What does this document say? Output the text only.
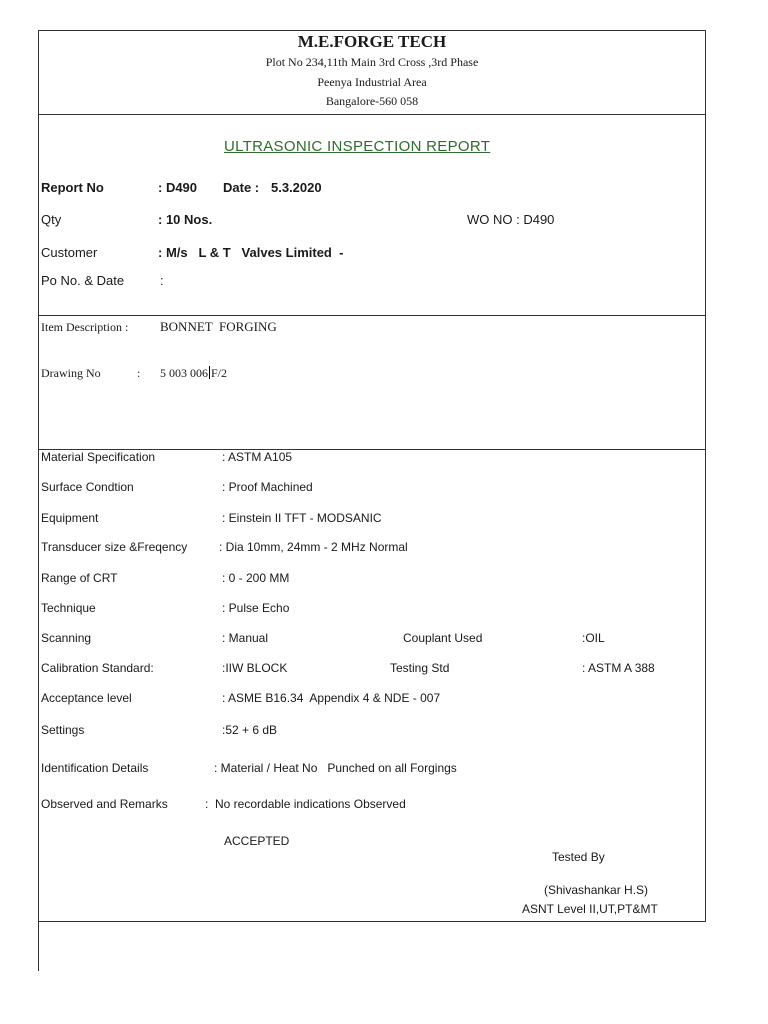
M.E.FORGE TECH
Plot No 234,11th Main 3rd Cross ,3rd Phase
Peenya Industrial Area
Bangalore-560 058
ULTRASONIC INSPECTION REPORT
Report No	: D490 Date : 5.3.2020
Qty	: 10 Nos.	WO NO : D490
Customer	: M/s   L & T   Valves Limited  -
Po No. & Date	:
Item Description : BONNET  FORGING
Drawing No	: 5 003 006 F/2
Material Specification	: ASTM A105
Surface Condtion	: Proof Machined
Equipment	: Einstein II TFT - MODSANIC
Transducer size &Freqency	: Dia 10mm, 24mm - 2 MHz Normal
Range of CRT	: 0 - 200 MM
Technique	: Pulse Echo
Scanning	: Manual	Couplant Used	:OIL
Calibration Standard:	:IIW BLOCK	Testing Std	: ASTM A 388
Acceptance level	: ASME B16.34  Appendix 4 & NDE - 007
Settings	:52 + 6 dB
Identification Details	: Material / Heat No   Punched on all Forgings
Observed and Remarks	:  No recordable indications Observed
ACCEPTED
Tested By
(Shivashankar H.S)
ASNT Level II,UT,PT&MT
